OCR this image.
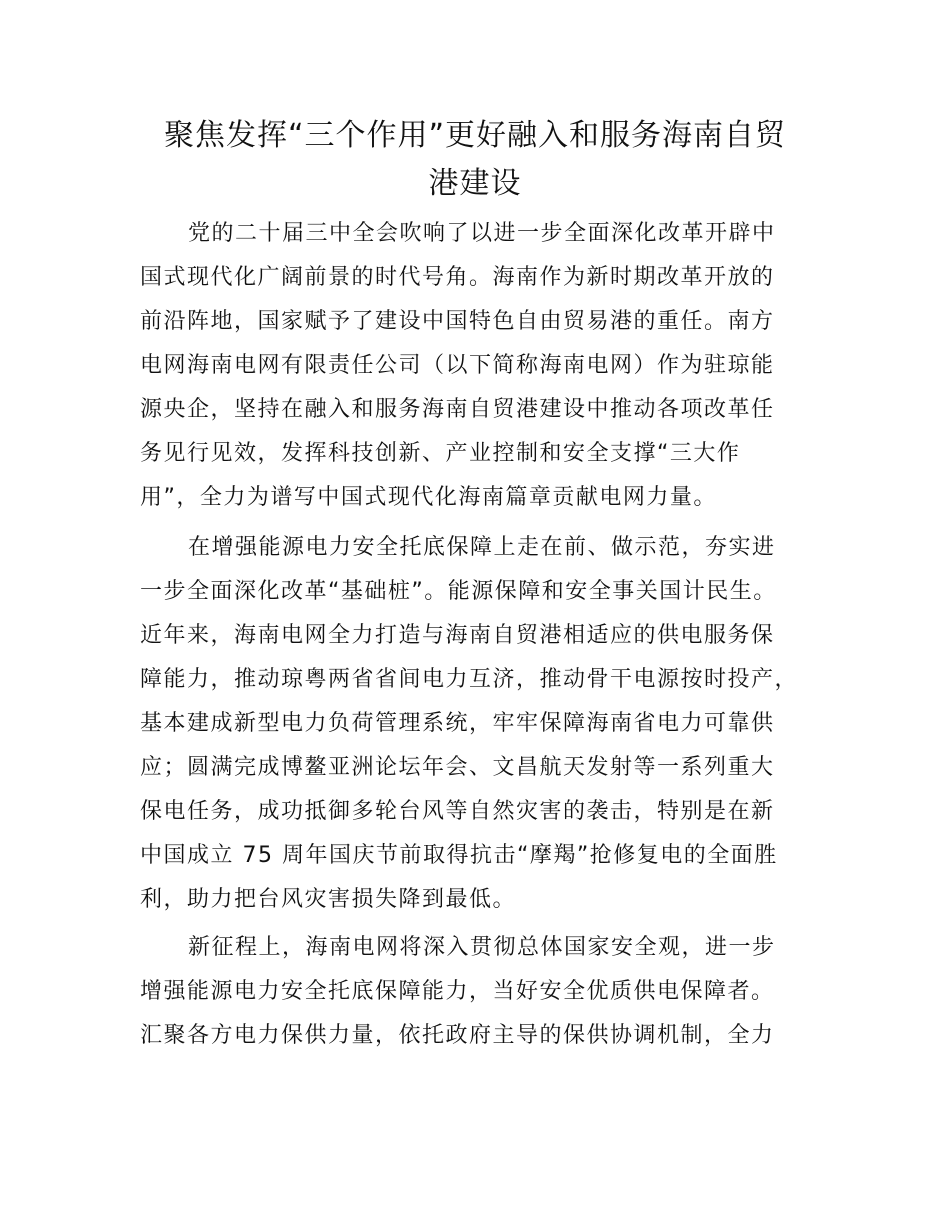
聚焦发挥“三个作用”更好融入和服务海南自贸
港建设
党的二十届三中全会吹响了以进一步全面深化改革开辟中
国式现代化广阔前景的时代号角。海南作为新时期改革开放的
前沿阵地，国家赋予了建设中国特色自由贸易港的重任。南方
电网海南电网有限责任公司（以下简称海南电网）作为驻琼能
源央企，坚持在融入和服务海南自贸港建设中推动各项改革任
务见行见效，发挥科技创新、产业控制和安全支撑“三大作
用”，全力为谱写中国式现代化海南篇章贡献电网力量。
在增强能源电力安全托底保障上走在前、做示范，夯实进
一步全面深化改革“基础桩”。能源保障和安全事关国计民生。
近年来，海南电网全力打造与海南自贸港相适应的供电服务保
障能力，推动琼粤两省省间电力互济，推动骨干电源按时投产，
基本建成新型电力负荷管理系统，牢牢保障海南省电力可靠供
应；圆满完成博鳌亚洲论坛年会、文昌航天发射等一系列重大
保电任务，成功抵御多轮台风等自然灾害的袭击，特别是在新
中国成立 75 周年国庆节前取得抗击“摩羯”抢修复电的全面胜
利，助力把台风灾害损失降到最低。
新征程上，海南电网将深入贯彻总体国家安全观，进一步
增强能源电力安全托底保障能力，当好安全优质供电保障者。
汇聚各方电力保供力量，依托政府主导的保供协调机制，全力
